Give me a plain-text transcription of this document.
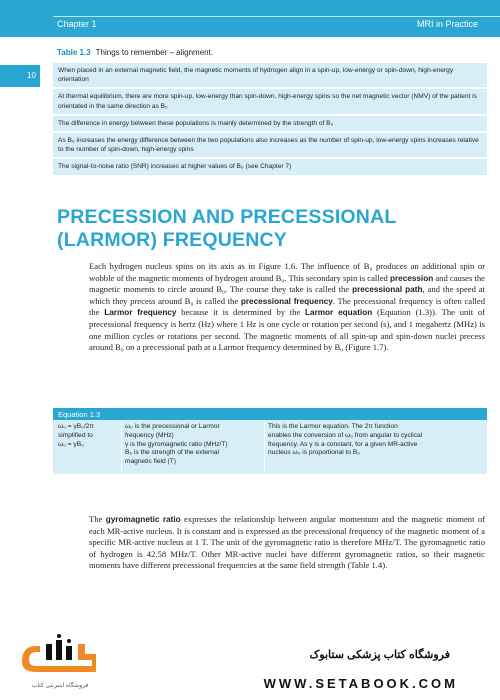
Chapter 1	MRI in Practice
10
Table 1.3 Things to remember – alignment.
When placed in an external magnetic field, the magnetic moments of hydrogen align in a spin-up, low-energy or spin-down, high-energy orientation
At thermal equilibrium, there are more spin-up, low-energy than spin-down, high-energy spins so the net magnetic vector (NMV) of the patient is orientated in the same direction as B₀
The difference in energy between these populations is mainly determined by the strength of B₀
As B₀ increases the energy difference between the two populations also increases as the number of spin-up, low-energy spins increases relative to the number of spin-down, high-energy spins
The signal-to-noise ratio (SNR) increases at higher values of B₀ (see Chapter 7)
PRECESSION AND PRECESSIONAL (LARMOR) FREQUENCY

Each hydrogen nucleus spins on its axis as in Figure 1.6. The influence of B₀ produces an additional spin or wobble of the magnetic moments of hydrogen around B₀. This secondary spin is called precession and causes the magnetic moments to circle around B₀. The course they take is called the precessional path, and the speed at which they precess around B₀ is called the precessional frequency. The precessional frequency is often called the Larmor frequency because it is determined by the Larmor equation (Equation (1.3)). The unit of precessional frequency is hertz (Hz) where 1 Hz is one cycle or rotation per second (s), and 1 megahertz (MHz) is one million cycles or rotations per second. The magnetic moments of all spin-up and spin-down nuclei precess around B₀ on a precessional path at a Larmor frequency determined by B₀ (Figure 1.7).

Equation 1.3
ω₀ = γB₀/2π
simplified to
ω₀ = γB₀
ω₀ is the precessional or Larmor
frequency (MHz)
γ is the gyromagnetic ratio (MHz/T)
B₀ is the strength of the external
magnetic field (T)
This is the Larmor equation. The 2π function
enables the conversion of ω₀ from angular to cyclical
frequency. As γ is a constant, for a given MR-active
nucleus ω₀ is proportional to B₀

The gyromagnetic ratio expresses the relationship between angular momentum and the magnetic moment of each MR-active nucleus. It is constant and is expressed as the precessional frequency of the magnetic moment of a specific MR-active nucleus at 1 T. The unit of the gyromagnetic ratio is therefore MHz/T. The gyromagnetic ratio of hydrogen is 42.58 MHz/T. Other MR-active nuclei have different gyromagnetic ratios, so their magnetic moments have different precessional frequencies at the same field strength (Table 1.4).

فروشگاه اینترنتی کتاب
فروشگاه کتاب پزشکی ستابوک
WWW.SETABOOK.COM
